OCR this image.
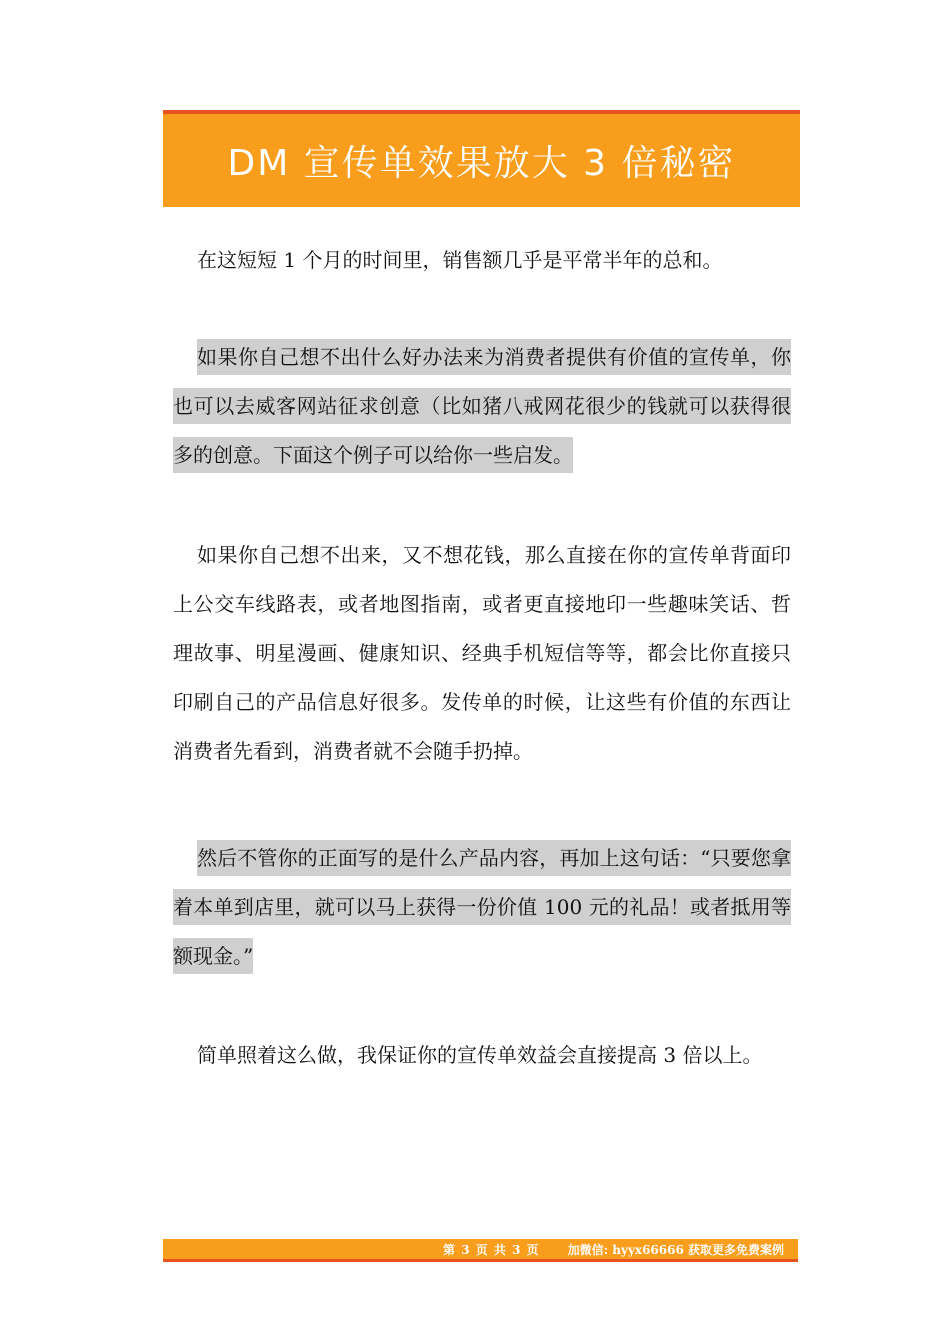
DM 宣传单效果放大 3 倍秘密

在这短短 1 个月的时间里，销售额几乎是平常半年的总和。

如果你自己想不出什么好办法来为消费者提供有价值的宣传单，你也可以去威客网站征求创意（比如猪八戒网花很少的钱就可以获得很多的创意。下面这个例子可以给你一些启发。

如果你自己想不出来，又不想花钱，那么直接在你的宣传单背面印上公交车线路表，或者地图指南，或者更直接地印一些趣味笑话、哲理故事、明星漫画、健康知识、经典手机短信等等，都会比你直接只印刷自己的产品信息好很多。发传单的时候，让这些有价值的东西让消费者先看到，消费者就不会随手扔掉。

然后不管你的正面写的是什么产品内容，再加上这句话：“只要您拿着本单到店里，就可以马上获得一份价值 100 元的礼品！或者抵用等额现金。”

简单照着这么做，我保证你的宣传单效益会直接提高 3 倍以上。

第 3 页 共 3 页 加微信: hyyx66666 获取更多免费案例
